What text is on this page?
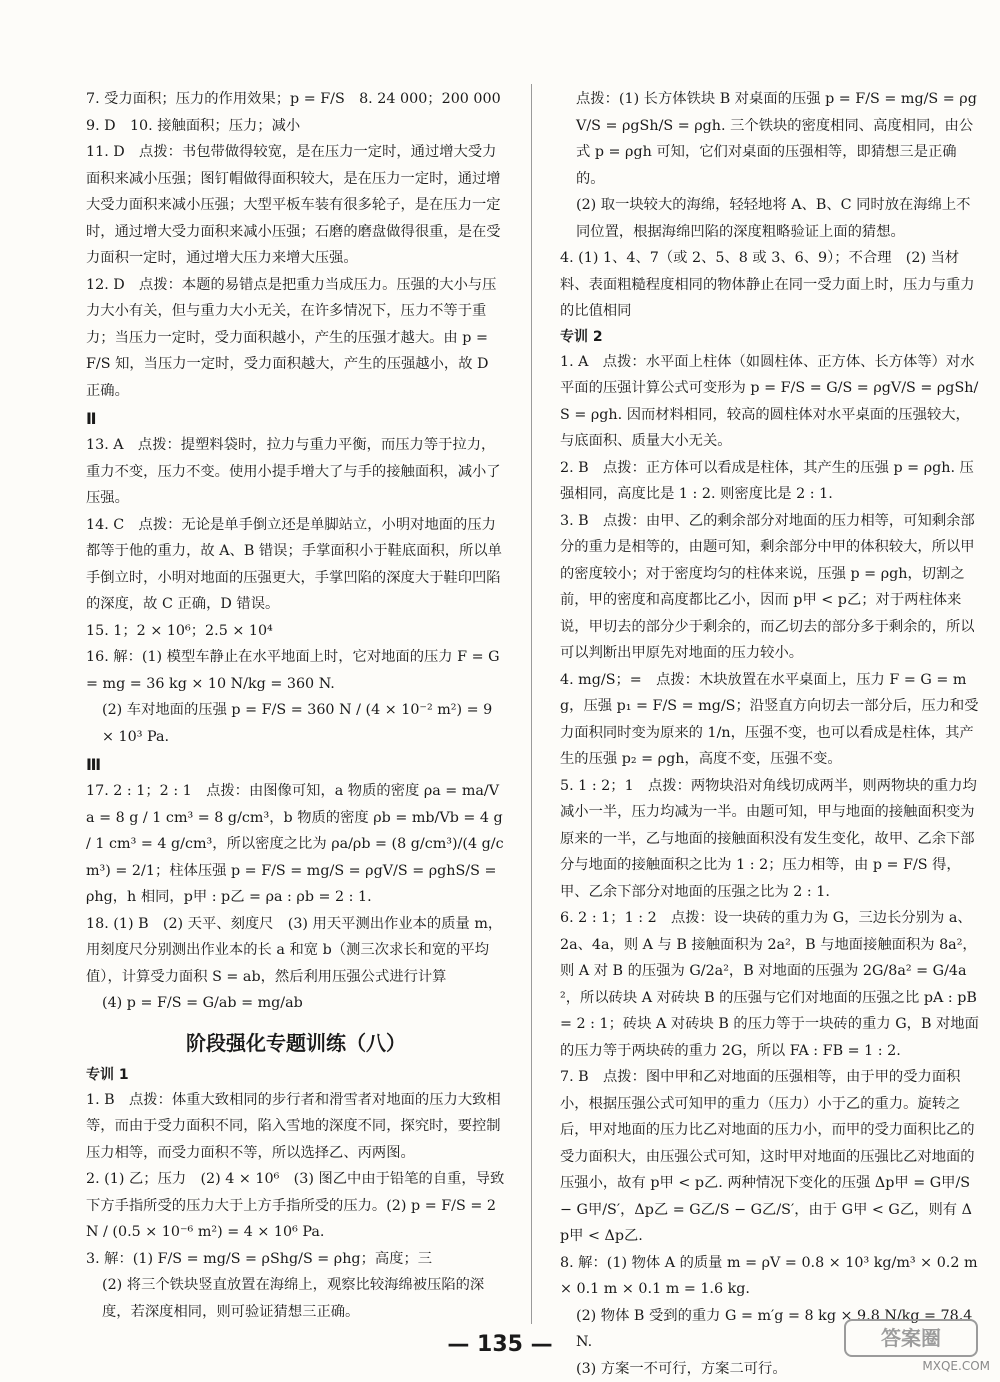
7. 受力面积；压力的作用效果；p = F/S　8. 24 000；200 000

9. D　10. 接触面积；压力；减小

11. D　点拨：书包带做得较宽，是在压力一定时，通过增大受力面积来减小压强；图钉帽做得面积较大，是在压力一定时，通过增大受力面积来减小压强；大型平板车装有很多轮子，是在压力一定时，通过增大受力面积来减小压强；石磨的磨盘做得很重，是在受力面积一定时，通过增大压力来增大压强。

12. D　点拨：本题的易错点是把重力当成压力。压强的大小与压力大小有关，但与重力大小无关，在许多情况下，压力不等于重力；当压力一定时，受力面积越小，产生的压强才越大。由 p = F/S 知，当压力一定时，受力面积越大，产生的压强越小，故 D 正确。

Ⅱ

13. A　点拨：提塑料袋时，拉力与重力平衡，而压力等于拉力，重力不变，压力不变。使用小提手增大了与手的接触面积，减小了压强。

14. C　点拨：无论是单手倒立还是单脚站立，小明对地面的压力都等于他的重力，故 A、B 错误；手掌面积小于鞋底面积，所以单手倒立时，小明对地面的压强更大，手掌凹陷的深度大于鞋印凹陷的深度，故 C 正确，D 错误。

15. 1；2 × 10⁶；2.5 × 10⁴

16. 解：(1) 模型车静止在水平地面上时，它对地面的压力 F = G = mg = 36 kg × 10 N/kg = 360 N.

(2) 车对地面的压强 p = F/S = 360 N / (4 × 10⁻² m²) = 9 × 10³ Pa.

Ⅲ

17. 2 : 1；2 : 1　点拨：由图像可知，a 物质的密度 ρa = ma/Va = 8 g / 1 cm³ = 8 g/cm³，b 物质的密度 ρb = mb/Vb = 4 g / 1 cm³ = 4 g/cm³，所以密度之比为 ρa/ρb = (8 g/cm³)/(4 g/cm³) = 2/1；柱体压强 p = F/S = mg/S = ρgV/S = ρghS/S = ρhg，h 相同，p甲 : p乙 = ρa : ρb = 2 : 1.

18. (1) B　(2) 天平、刻度尺　(3) 用天平测出作业本的质量 m，用刻度尺分别测出作业本的长 a 和宽 b（测三次求长和宽的平均值），计算受力面积 S = ab，然后利用压强公式进行计算

(4) p = F/S = G/ab = mg/ab

阶段强化专题训练（八）
专训 1

1. B　点拨：体重大致相同的步行者和滑雪者对地面的压力大致相等，而由于受力面积不同，陷入雪地的深度不同，探究时，要控制压力相等，而受力面积不等，所以选择乙、丙两图。

2. (1) 乙；压力　(2) 4 × 10⁶　(3) 图乙中由于铅笔的自重，导致下方手指所受的压力大于上方手指所受的压力。(2) p = F/S = 2 N / (0.5 × 10⁻⁶ m²) = 4 × 10⁶ Pa.

3. 解：(1) F/S = mg/S = ρShg/S = ρhg；高度；三

(2) 将三个铁块竖直放置在海绵上，观察比较海绵被压陷的深度，若深度相同，则可验证猜想三正确。

点拨：(1) 长方体铁块 B 对桌面的压强 p = F/S = mg/S = ρgV/S = ρgSh/S = ρgh. 三个铁块的密度相同、高度相同，由公式 p = ρgh 可知，它们对桌面的压强相等，即猜想三是正确的。

(2) 取一块较大的海绵，轻轻地将 A、B、C 同时放在海绵上不同位置，根据海绵凹陷的深度粗略验证上面的猜想。

4. (1) 1、4、7（或 2、5、8 或 3、6、9）；不合理　(2) 当材料、表面粗糙程度相同的物体静止在同一受力面上时，压力与重力的比值相同

专训 2

1. A　点拨：水平面上柱体（如圆柱体、正方体、长方体等）对水平面的压强计算公式可变形为 p = F/S = G/S = ρgV/S = ρgSh/S = ρgh. 因而材料相同，较高的圆柱体对水平桌面的压强较大，与底面积、质量大小无关。

2. B　点拨：正方体可以看成是柱体，其产生的压强 p = ρgh. 压强相同，高度比是 1 : 2. 则密度比是 2 : 1.

3. B　点拨：由甲、乙的剩余部分对地面的压力相等，可知剩余部分的重力是相等的，由题可知，剩余部分中甲的体积较大，所以甲的密度较小；对于密度均匀的柱体来说，压强 p = ρgh，切割之前，甲的密度和高度都比乙小，因而 p甲 < p乙；对于两柱体来说，甲切去的部分少于剩余的，而乙切去的部分多于剩余的，所以可以判断出甲原先对地面的压力较小。

4. mg/S；=　点拨：木块放置在水平桌面上，压力 F = G = mg，压强 p₁ = F/S = mg/S；沿竖直方向切去一部分后，压力和受力面积同时变为原来的 1/n，压强不变，也可以看成是柱体，其产生的压强 p₂ = ρgh，高度不变，压强不变。

5. 1 : 2；1　点拨：两物块沿对角线切成两半，则两物块的重力均减小一半，压力均减为一半。由题可知，甲与地面的接触面积变为原来的一半，乙与地面的接触面积没有发生变化，故甲、乙余下部分与地面的接触面积之比为 1 : 2；压力相等，由 p = F/S 得，甲、乙余下部分对地面的压强之比为 2 : 1.

6. 2 : 1；1 : 2　点拨：设一块砖的重力为 G，三边长分别为 a、2a、4a，则 A 与 B 接触面积为 2a²，B 与地面接触面积为 8a²，则 A 对 B 的压强为 G/2a²，B 对地面的压强为 2G/8a² = G/4a²，所以砖块 A 对砖块 B 的压强与它们对地面的压强之比 pA : pB = 2 : 1；砖块 A 对砖块 B 的压力等于一块砖的重力 G，B 对地面的压力等于两块砖的重力 2G，所以 FA : FB = 1 : 2.

7. B　点拨：图中甲和乙对地面的压强相等，由于甲的受力面积小，根据压强公式可知甲的重力（压力）小于乙的重力。旋转之后，甲对地面的压力比乙对地面的压力小，而甲的受力面积比乙的受力面积大，由压强公式可知，这时甲对地面的压强比乙对地面的压强小，故有 p甲 < p乙. 两种情况下变化的压强 Δp甲 = G甲/S − G甲/S′，Δp乙 = G乙/S − G乙/S′，由于 G甲 < G乙，则有 Δp甲 < Δp乙.

8. 解：(1) 物体 A 的质量 m = ρV = 0.8 × 10³ kg/m³ × 0.2 m × 0.1 m × 0.1 m = 1.6 kg.

(2) 物体 B 受到的重力 G = m′g = 8 kg × 9.8 N/kg = 78.4 N.

(3) 方案一不可行，方案二可行。

— 135 —	答案圈
MXQE.COM
